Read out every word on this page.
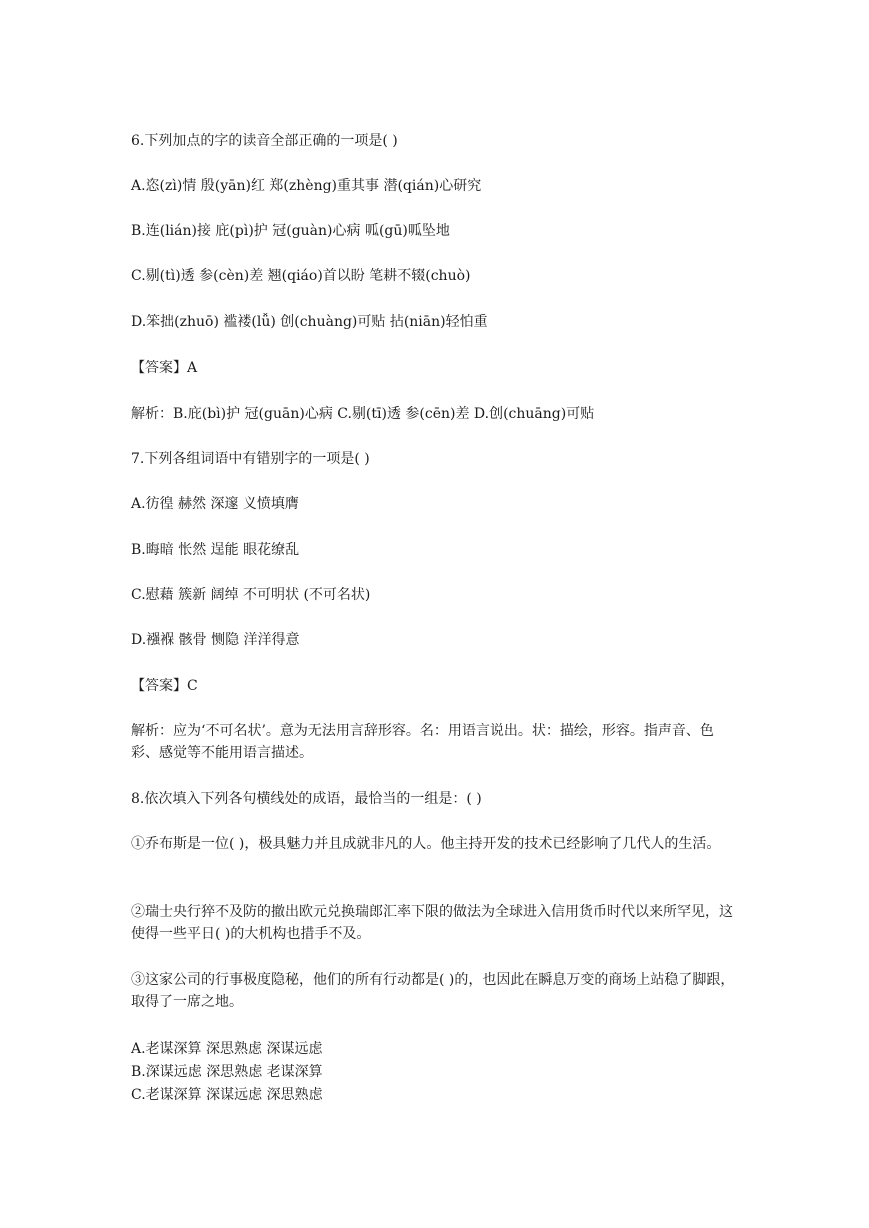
6.下列加点的字的读音全部正确的一项是( )

A.恣(zì)情 殷(yān)红 郑(zhèng)重其事 潜(qián)心研究

B.连(lián)接 庇(pì)护 冠(guàn)心病 呱(gū)呱坠地

C.剔(tì)透 参(cèn)差 翘(qiáo)首以盼 笔耕不辍(chuò)

D.笨拙(zhuō) 褴褛(lǚ) 创(chuàng)可贴 拈(niān)轻怕重

【答案】A

解析：B.庇(bì)护 冠(guān)心病 C.剔(tī)透 参(cēn)差 D.创(chuāng)可贴

7.下列各组词语中有错别字的一项是( )

A.彷徨 赫然 深邃 义愤填膺

B.晦暗 怅然 逞能 眼花缭乱

C.慰藉 簇新 阔绰 不可明状 (不可名状)

D.襁褓 骸骨 恻隐 洋洋得意

【答案】C

解析：应为‘不可名状’。意为无法用言辞形容。名：用语言说出。状：描绘，形容。指声音、色彩、感觉等不能用语言描述。

8.依次填入下列各句横线处的成语，最恰当的一组是：( )

①乔布斯是一位( )，极具魅力并且成就非凡的人。他主持开发的技术已经影响了几代人的生活。

②瑞士央行猝不及防的撤出欧元兑换瑞郎汇率下限的做法为全球进入信用货币时代以来所罕见，这使得一些平日( )的大机构也措手不及。

③这家公司的行事极度隐秘，他们的所有行动都是( )的，也因此在瞬息万变的商场上站稳了脚跟，取得了一席之地。

A.老谋深算 深思熟虑 深谋远虑

B.深谋远虑 深思熟虑 老谋深算

C.老谋深算 深谋远虑 深思熟虑
